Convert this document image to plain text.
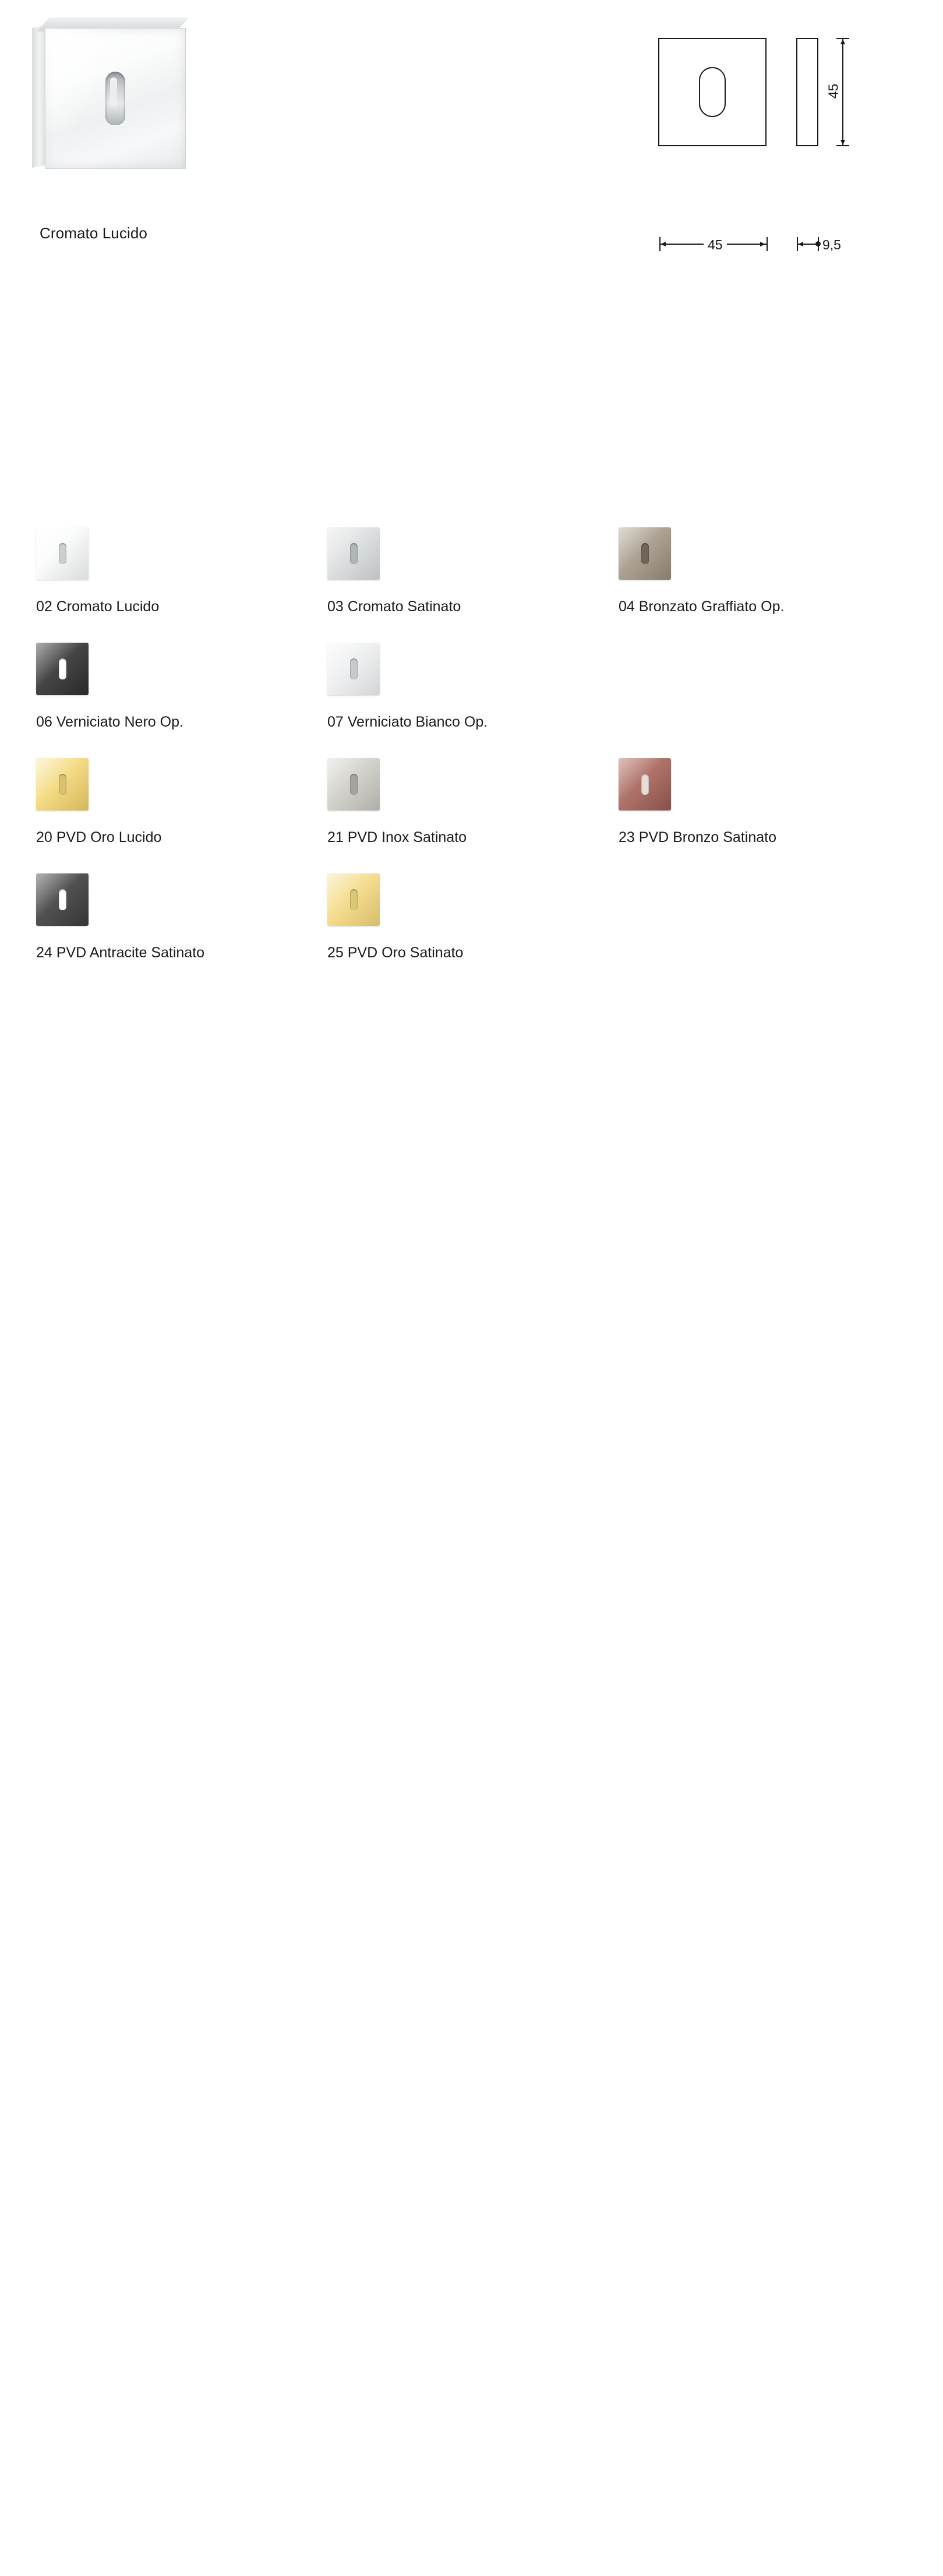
Cromato Lucido
45
45	9,5
02 Cromato Lucido	03 Cromato Satinato	04 Bronzato Graffiato Op.
06 Verniciato Nero Op.	07 Verniciato Bianco Op.
20 PVD Oro Lucido	21 PVD Inox Satinato	23 PVD Bronzo Satinato
24 PVD Antracite Satinato	25 PVD Oro Satinato
